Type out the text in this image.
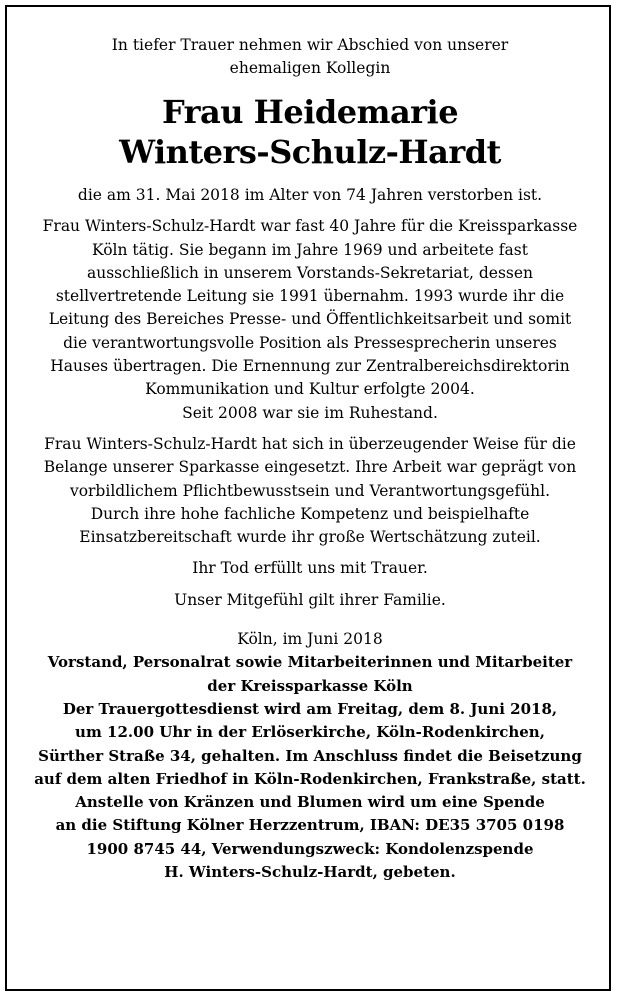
In tiefer Trauer nehmen wir Abschied von unserer
ehemaligen Kollegin
Frau Heidemarie
Winters-Schulz-Hardt

die am 31. Mai 2018 im Alter von 74 Jahren verstorben ist.

Frau Winters-Schulz-Hardt war fast 40 Jahre für die Kreissparkasse
Köln tätig. Sie begann im Jahre 1969 und arbeitete fast
ausschließlich in unserem Vorstands-Sekretariat, dessen
stellvertretende Leitung sie 1991 übernahm. 1993 wurde ihr die
Leitung des Bereiches Presse- und Öffentlichkeitsarbeit und somit
die verantwortungsvolle Position als Pressesprecherin unseres
Hauses übertragen. Die Ernennung zur Zentralbereichsdirektorin
Kommunikation und Kultur erfolgte 2004.
Seit 2008 war sie im Ruhestand.

Frau Winters-Schulz-Hardt hat sich in überzeugender Weise für die
Belange unserer Sparkasse eingesetzt. Ihre Arbeit war geprägt von
vorbildlichem Pflichtbewusstsein und Verantwortungsgefühl.
Durch ihre hohe fachliche Kompetenz und beispielhafte
Einsatzbereitschaft wurde ihr große Wertschätzung zuteil.

Ihr Tod erfüllt uns mit Trauer.

Unser Mitgefühl gilt ihrer Familie.

Köln, im Juni 2018

Vorstand, Personalrat sowie Mitarbeiterinnen und Mitarbeiter
der Kreissparkasse Köln

Der Trauergottesdienst wird am Freitag, dem 8. Juni 2018,
um 12.00 Uhr in der Erlöserkirche, Köln-Rodenkirchen,
Sürther Straße 34, gehalten. Im Anschluss findet die Beisetzung
auf dem alten Friedhof in Köln-Rodenkirchen, Frankstraße, statt.

Anstelle von Kränzen und Blumen wird um eine Spende
an die Stiftung Kölner Herzzentrum, IBAN: DE35 3705 0198
1900 8745 44, Verwendungszweck: Kondolenzspende
H. Winters-Schulz-Hardt, gebeten.
